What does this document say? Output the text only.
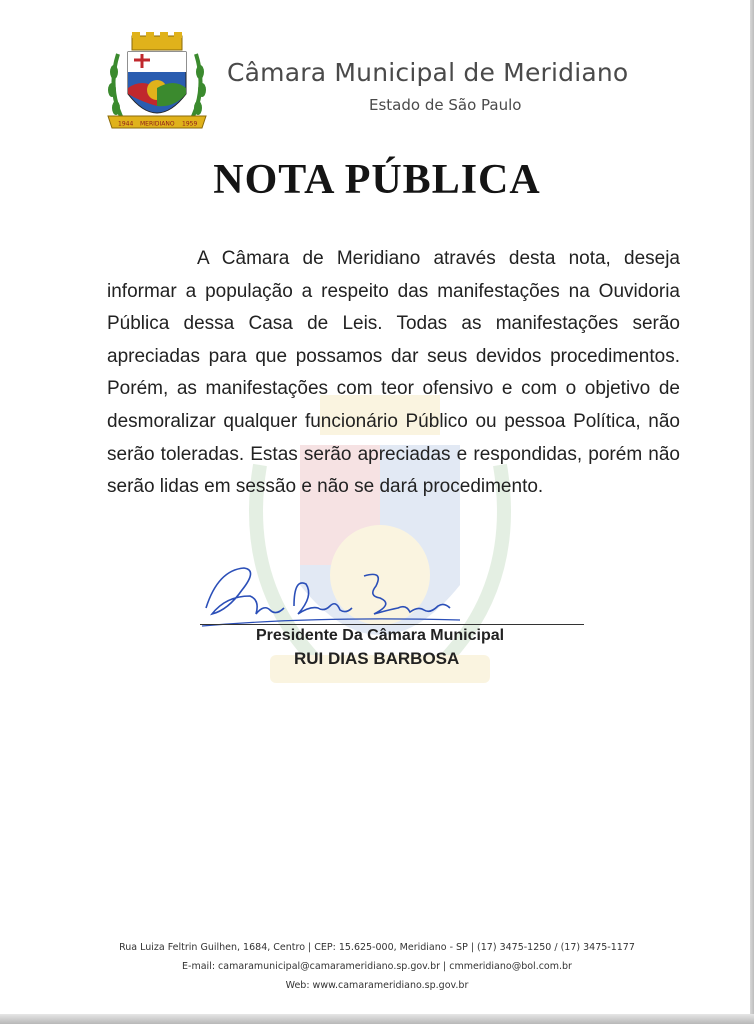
1944 MERIDIANO 1959
Câmara Municipal de Meridiano
Estado de São Paulo
NOTA PÚBLICA

A Câmara de Meridiano através desta nota, deseja informar a população a respeito das manifestações na Ouvidoria Pública dessa Casa de Leis. Todas as manifestações serão apreciadas para que possamos dar seus devidos procedimentos. Porém, as manifestações com teor ofensivo e com o objetivo de desmoralizar qualquer funcionário Público ou pessoa Política, não serão toleradas. Estas serão apreciadas e respondidas, porém não serão lidas em sessão e não se dará procedimento.

Presidente Da Câmara Municipal
RUI DIAS BARBOSA
Rua Luiza Feltrin Guilhen, 1684, Centro | CEP: 15.625-000, Meridiano - SP | (17) 3475-1250 / (17) 3475-1177
E-mail: camaramunicipal@camarameridiano.sp.gov.br | cmmeridiano@bol.com.br
Web: www.camarameridiano.sp.gov.br
